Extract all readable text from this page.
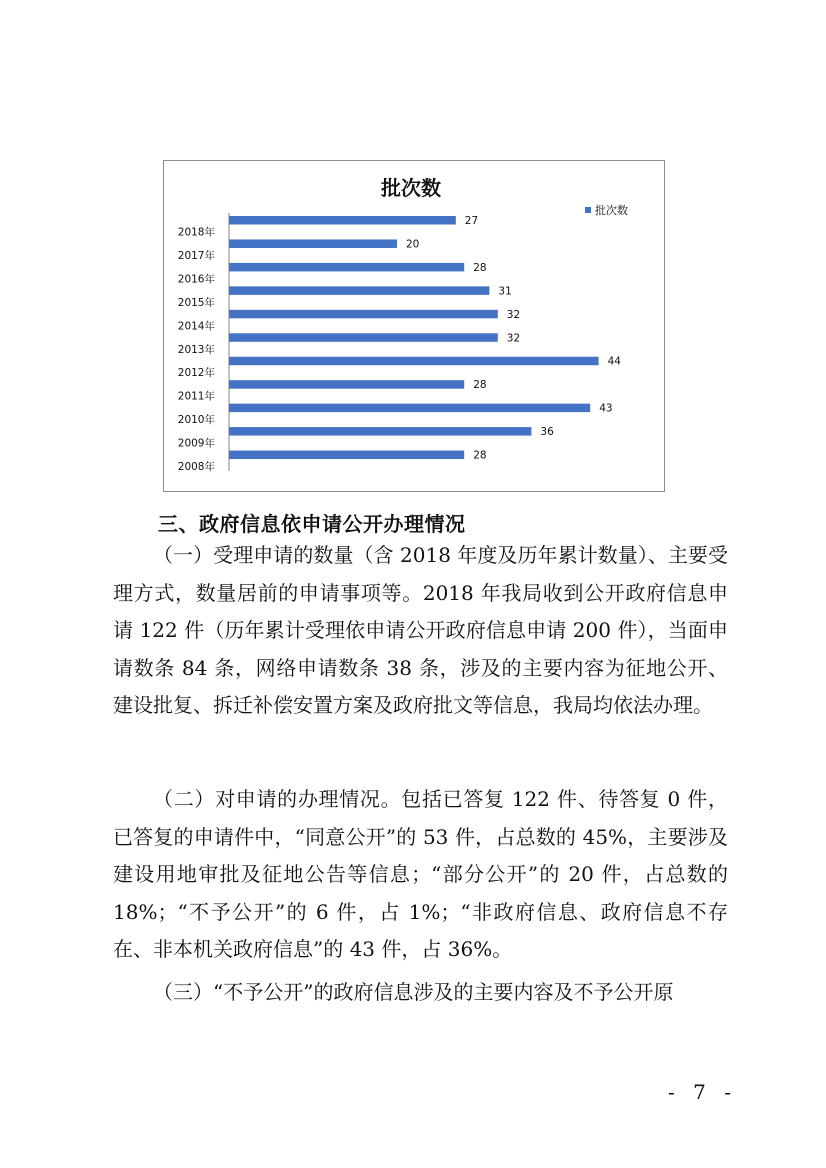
批次数
批次数
28
2008年
36
2009年
43
2010年
28
2011年
44
2012年
32
2013年
32
2014年
31
2015年
28
2016年
20
2017年
27
2018年
三、政府信息依申请公开办理情况

（一）受理申请的数量（含 2018 年度及历年累计数量）、主要受理方式，数量居前的申请事项等。2018 年我局收到公开政府信息申请 122 件（历年累计受理依申请公开政府信息申请 200 件），当面申请数条 84 条，网络申请数条 38 条，涉及的主要内容为征地公开、建设批复、拆迁补偿安置方案及政府批文等信息，我局均依法办理。

（二）对申请的办理情况。包括已答复 122 件、待答复 0 件，已答复的申请件中，“同意公开”的 53 件，占总数的 45%，主要涉及建设用地审批及征地公告等信息；“部分公开”的 20 件，占总数的 18%；“不予公开”的 6 件，占 1%；“非政府信息、政府信息不存在、非本机关政府信息”的 43 件，占 36%。

（三）“不予公开”的政府信息涉及的主要内容及不予公开原

- 7 -
